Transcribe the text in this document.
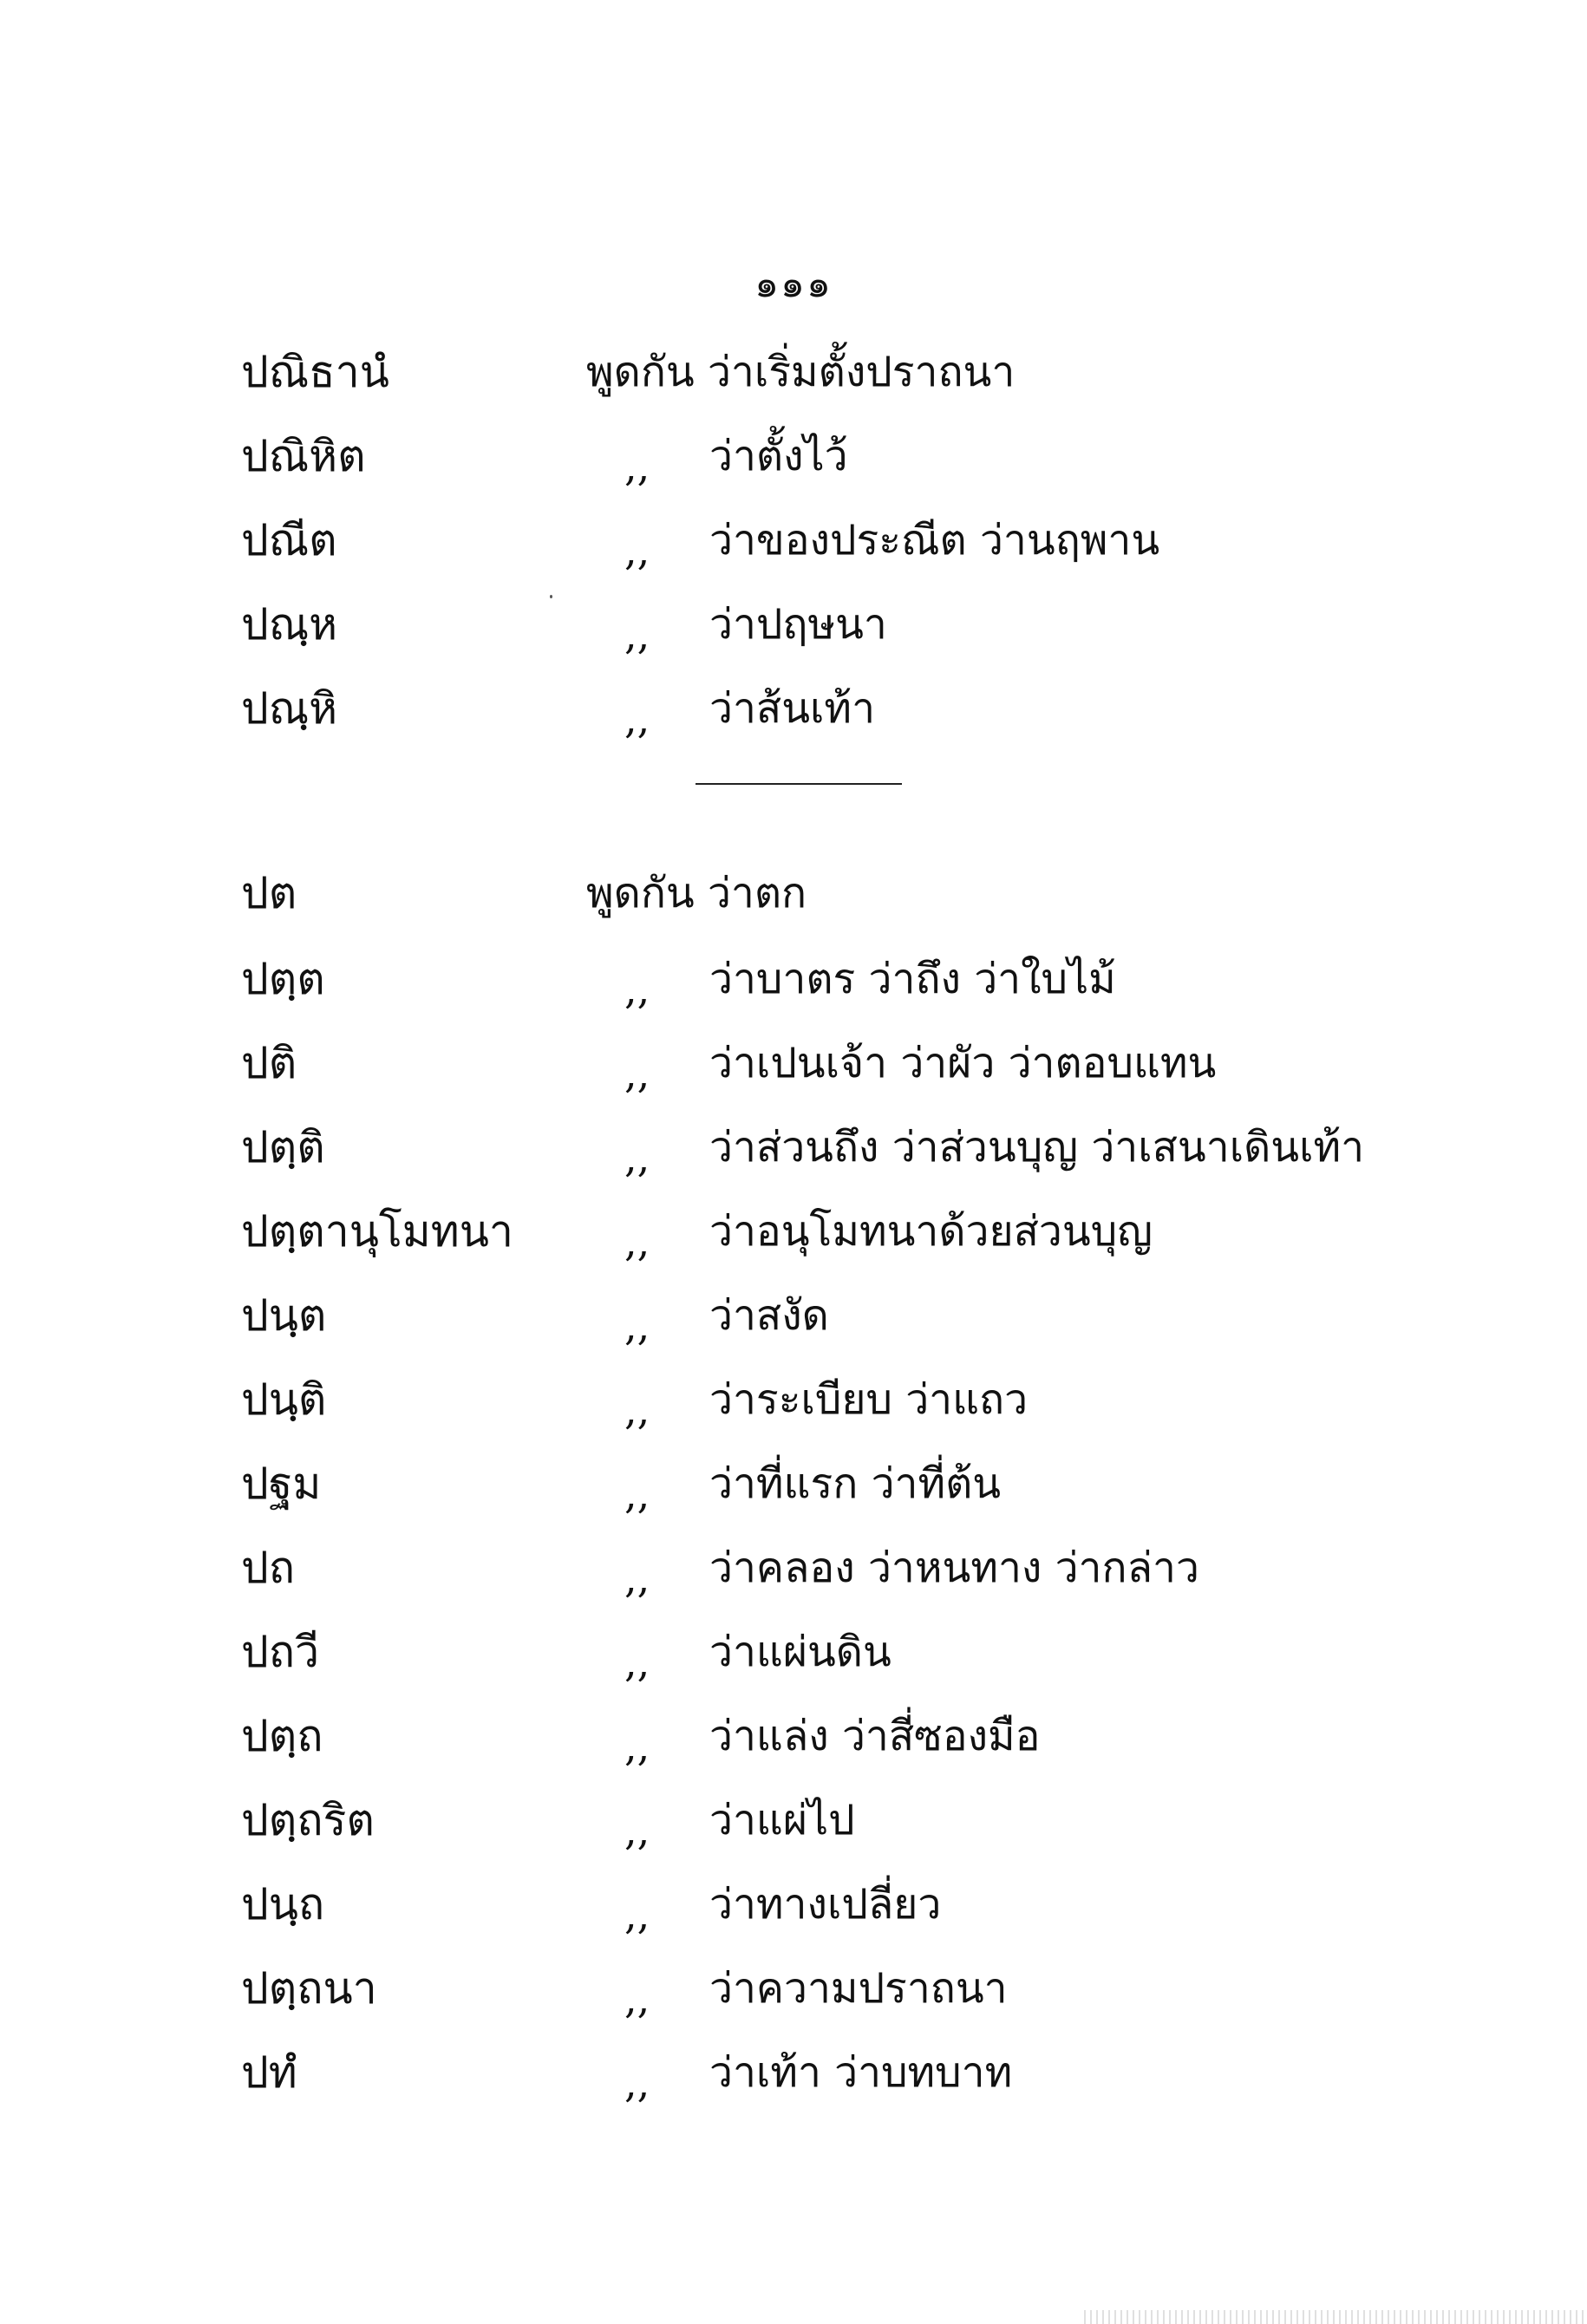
๑๑๑
ปณิธานํ	พูดกัน ว่าเริ่มตั้งปราถนา
ปณิหิต	,, ว่าตั้งไว้
ปณีต	,, ว่าของประณีต ว่านฤพาน
ปณฺห	,, ว่าปฤษนา
ปณฺหิ	,, ว่าส้นเท้า
ปต	พูดกัน ว่าตก
ปตฺต	,, ว่าบาตร ว่าถึง ว่าใบไม้
ปติ	,, ว่าเปนเจ้า ว่าผัว ว่าตอบแทน
ปตฺติ	,, ว่าส่วนถึง ว่าส่วนบุญ ว่าเสนาเดินเท้า
ปตฺตานุโมทนา	,, ว่าอนุโมทนาด้วยส่วนบุญ
ปนฺต	,, ว่าสงัด
ปนฺติ	,, ว่าระเบียบ ว่าแถว
ปฐม	,, ว่าที่แรก ว่าที่ต้น
ปถ	,, ว่าคลอง ว่าหนทาง ว่ากล่าว
ปถวี	,, ว่าแผ่นดิน
ปตฺถ	,, ว่าแล่ง ว่าสี่ซองมือ
ปตฺถริต	,, ว่าแผ่ไป
ปนฺถ	,, ว่าทางเปลี่ยว
ปตฺถนา	,, ว่าความปราถนา
ปทํ	,, ว่าเท้า ว่าบทบาท
